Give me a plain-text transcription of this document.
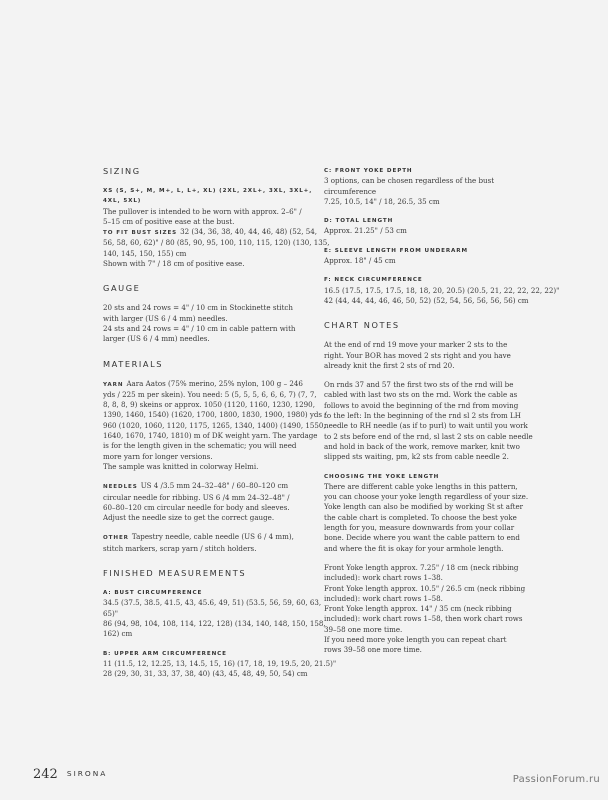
SIZING

XS (S, S+, M, M+, L, L+, XL) (2XL, 2XL+, 3XL, 3XL+,

4XL, 5XL)

The pullover is intended to be worn with approx. 2–6" /

5–15 cm of positive ease at the bust.

TO FIT BUST SIZES 32 (34, 36, 38, 40, 44, 46, 48) (52, 54,

56, 58, 60, 62)" / 80 (85, 90, 95, 100, 110, 115, 120) (130, 135,

140, 145, 150, 155) cm

Shown with 7" / 18 cm of positive ease.

GAUGE

20 sts and 24 rows = 4" / 10 cm in Stockinette stitch

with larger (US 6 / 4 mm) needles.

24 sts and 24 rows = 4" / 10 cm in cable pattern with

larger (US 6 / 4 mm) needles.

MATERIALS

YARN Aara Aatos (75% merino, 25% nylon, 100 g – 246

yds / 225 m per skein). You need: 5 (5, 5, 5, 6, 6, 6, 7) (7, 7,

8, 8, 8, 9) skeins or approx. 1050 (1120, 1160, 1230, 1290,

1390, 1460, 1540) (1620, 1700, 1800, 1830, 1900, 1980) yds /

960 (1020, 1060, 1120, 1175, 1265, 1340, 1400) (1490, 1550,

1640, 1670, 1740, 1810) m of DK weight yarn. The yardage

is for the length given in the schematic; you will need

more yarn for longer versions.

The sample was knitted in colorway Helmi.

NEEDLES US 4 /3.5 mm 24–32–48" / 60–80–120 cm

circular needle for ribbing. US 6 /4 mm 24–32–48" /

60–80–120 cm circular needle for body and sleeves.

Adjust the needle size to get the correct gauge.

OTHER Tapestry needle, cable needle (US 6 / 4 mm),

stitch markers, scrap yarn / stitch holders.

FINISHED MEASUREMENTS

A: BUST CIRCUMFERENCE

34.5 (37.5, 38.5, 41.5, 43, 45.6, 49, 51) (53.5, 56, 59, 60, 63,

65)"

86 (94, 98, 104, 108, 114, 122, 128) (134, 140, 148, 150, 158,

162) cm

B: UPPER ARM CIRCUMFERENCE

11 (11.5, 12, 12.25, 13, 14.5, 15, 16) (17, 18, 19, 19.5, 20, 21.5)"

28 (29, 30, 31, 33, 37, 38, 40) (43, 45, 48, 49, 50, 54) cm

C: FRONT YOKE DEPTH

3 options, can be chosen regardless of the bust

circumference

7.25, 10.5, 14" / 18, 26.5, 35 cm

D: TOTAL LENGTH

Approx. 21.25" / 53 cm

E: SLEEVE LENGTH FROM UNDERARM

Approx. 18" / 45 cm

F: NECK CIRCUMFERENCE

16.5 (17.5, 17.5, 17.5, 18, 18, 20, 20.5) (20.5, 21, 22, 22, 22, 22)"

42 (44, 44, 44, 46, 46, 50, 52) (52, 54, 56, 56, 56, 56) cm

CHART NOTES

At the end of rnd 19 move your marker 2 sts to the

right. Your BOR has moved 2 sts right and you have

already knit the first 2 sts of rnd 20.

On rnds 37 and 57 the first two sts of the rnd will be

cabled with last two sts on the rnd. Work the cable as

follows to avoid the beginning of the rnd from moving

to the left: In the beginning of the rnd sl 2 sts from LH

needle to RH needle (as if to purl) to wait until you work

to 2 sts before end of the rnd, sl last 2 sts on cable needle

and hold in back of the work, remove marker, knit two

slipped sts waiting, pm, k2 sts from cable needle 2.

CHOOSING THE YOKE LENGTH

There are different cable yoke lengths in this pattern,

you can choose your yoke length regardless of your size.

Yoke length can also be modified by working St st after

the cable chart is completed. To choose the best yoke

length for you, measure downwards from your collar

bone. Decide where you want the cable pattern to end

and where the fit is okay for your armhole length.

Front Yoke length approx. 7.25" / 18 cm (neck ribbing

included): work chart rows 1–38.

Front Yoke length approx. 10.5" / 26.5 cm (neck ribbing

included): work chart rows 1–58.

Front Yoke length approx. 14" / 35 cm (neck ribbing

included): work chart rows 1–58, then work chart rows

39–58 one more time.

If you need more yoke length you can repeat chart

rows 39–58 one more time.

242 SIRONA
PassionForum.ru
